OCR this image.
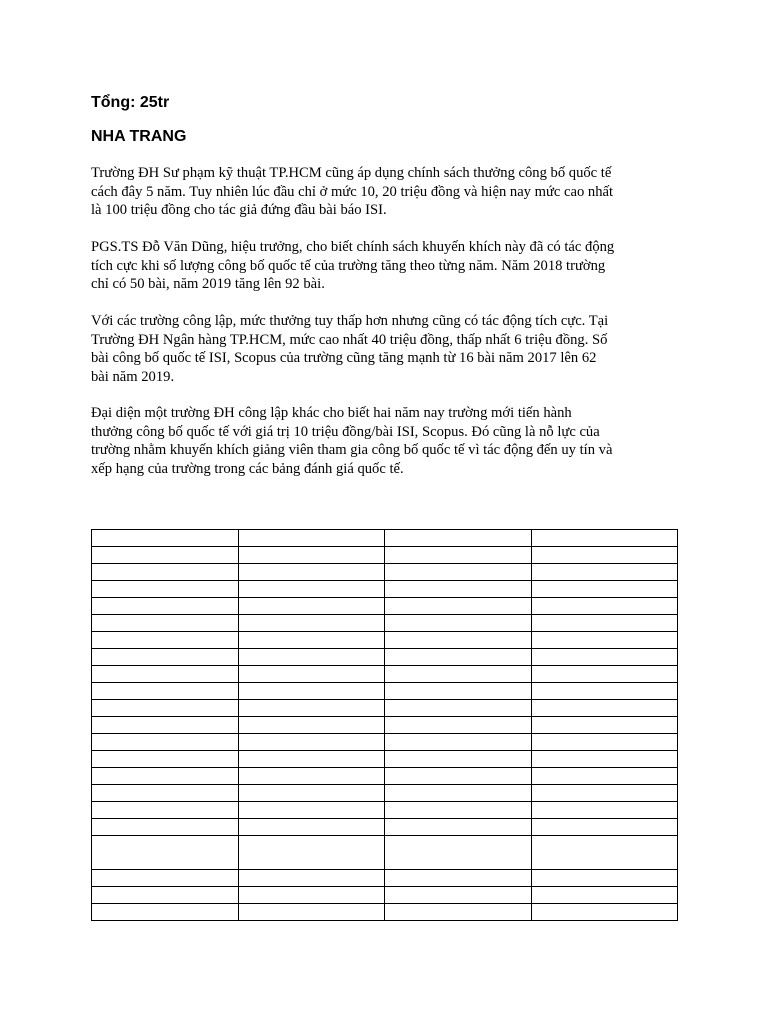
Tổng: 25tr
NHA TRANG

Trường ĐH Sư phạm kỹ thuật TP.HCM cũng áp dụng chính sách thưởng công bố quốc tế
cách đây 5 năm. Tuy nhiên lúc đầu chỉ ở mức 10, 20 triệu đồng và hiện nay mức cao nhất
là 100 triệu đồng cho tác giả đứng đầu bài báo ISI.

PGS.TS Đỗ Văn Dũng, hiệu trưởng, cho biết chính sách khuyến khích này đã có tác động
tích cực khi số lượng công bố quốc tế của trường tăng theo từng năm. Năm 2018 trường
chỉ có 50 bài, năm 2019 tăng lên 92 bài.

Với các trường công lập, mức thưởng tuy thấp hơn nhưng cũng có tác động tích cực. Tại
Trường ĐH Ngân hàng TP.HCM, mức cao nhất 40 triệu đồng, thấp nhất 6 triệu đồng. Số
bài công bố quốc tế ISI, Scopus của trường cũng tăng mạnh từ 16 bài năm 2017 lên 62
bài năm 2019.

Đại diện một trường ĐH công lập khác cho biết hai năm nay trường mới tiến hành
thưởng công bố quốc tế với giá trị 10 triệu đồng/bài ISI, Scopus. Đó cũng là nỗ lực của
trường nhằm khuyến khích giảng viên tham gia công bố quốc tế vì tác động đến uy tín và
xếp hạng của trường trong các bảng đánh giá quốc tế.
